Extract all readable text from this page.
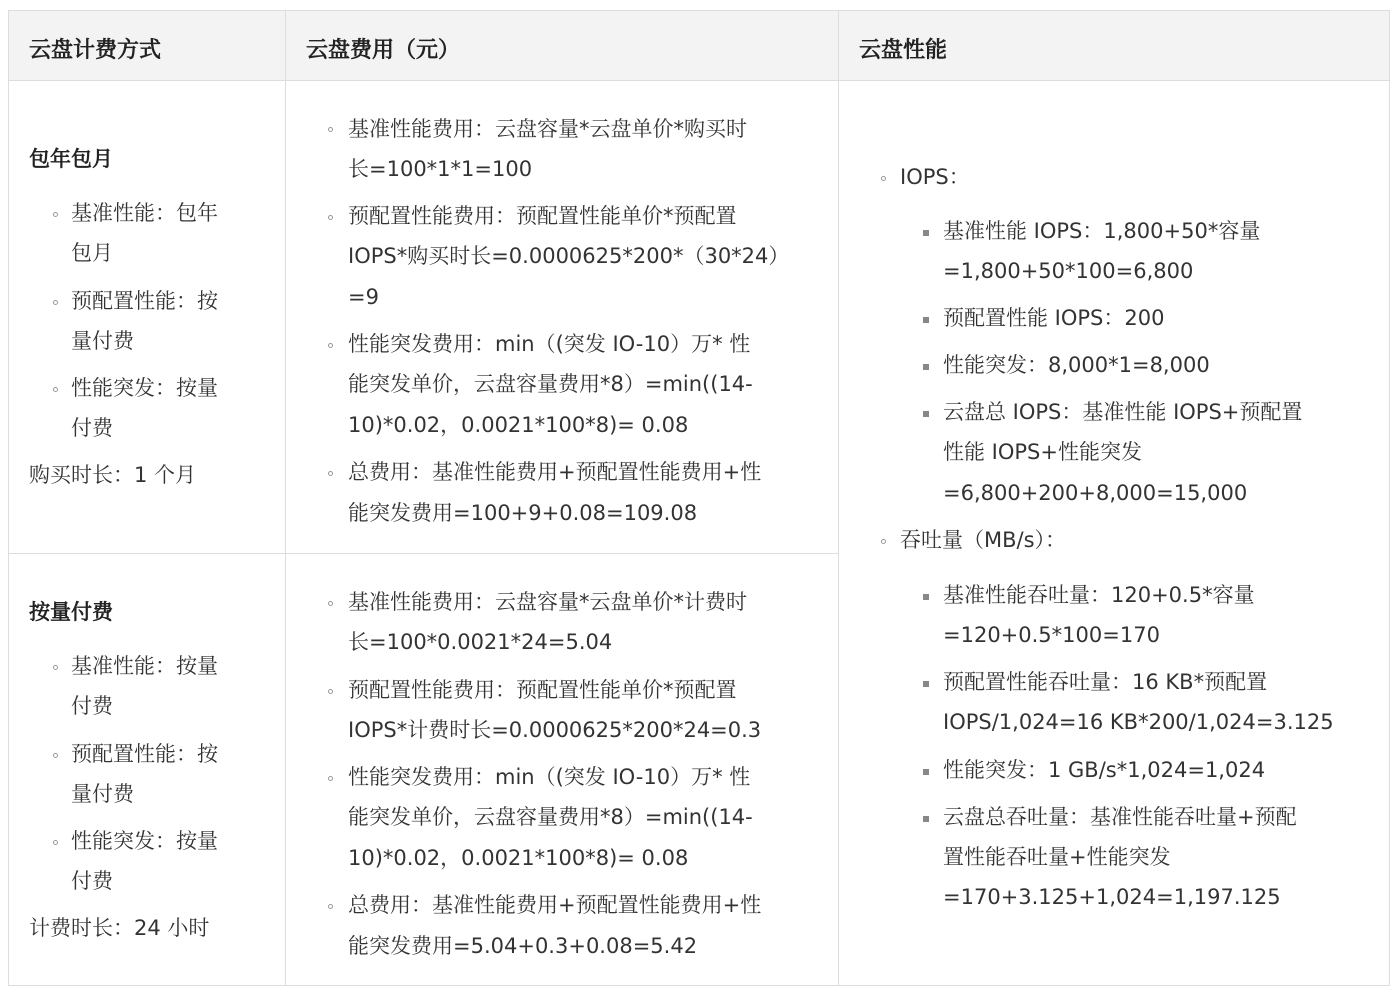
云盘计费方式	云盘费用（元）	云盘性能
包年包月
基准性能：包年
包月
预配置性能：按
量付费
性能突发：按量
付费
购买时长：1 个月
基准性能费用：云盘容量*云盘单价*购买时
长=100*1*1=100
预配置性能费用：预配置性能单价*预配置
IOPS*购买时长=0.0000625*200*（30*24）
=9
性能突发费用：min（(突发 IO-10）万* 性
能突发单价，云盘容量费用*8）=min((14-
10)*0.02，0.0021*100*8)= 0.08
总费用：基准性能费用+预配置性能费用+性
能突发费用=100+9+0.08=109.08
按量付费
基准性能：按量
付费
预配置性能：按
量付费
性能突发：按量
付费
计费时长：24 小时
基准性能费用：云盘容量*云盘单价*计费时
长=100*0.0021*24=5.04
预配置性能费用：预配置性能单价*预配置
IOPS*计费时长=0.0000625*200*24=0.3
性能突发费用：min（(突发 IO-10）万* 性
能突发单价，云盘容量费用*8）=min((14-
10)*0.02，0.0021*100*8)= 0.08
总费用：基准性能费用+预配置性能费用+性
能突发费用=5.04+0.3+0.08=5.42
IOPS：
基准性能 IOPS：1,800+50*容量
=1,800+50*100=6,800
预配置性能 IOPS：200
性能突发：8,000*1=8,000
云盘总 IOPS：基准性能 IOPS+预配置
性能 IOPS+性能突发
=6,800+200+8,000=15,000
吞吐量（MB/s）：
基准性能吞吐量：120+0.5*容量
=120+0.5*100=170
预配置性能吞吐量：16 KB*预配置
IOPS/1,024=16 KB*200/1,024=3.125
性能突发：1 GB/s*1,024=1,024
云盘总吞吐量：基准性能吞吐量+预配
置性能吞吐量+性能突发
=170+3.125+1,024=1,197.125
